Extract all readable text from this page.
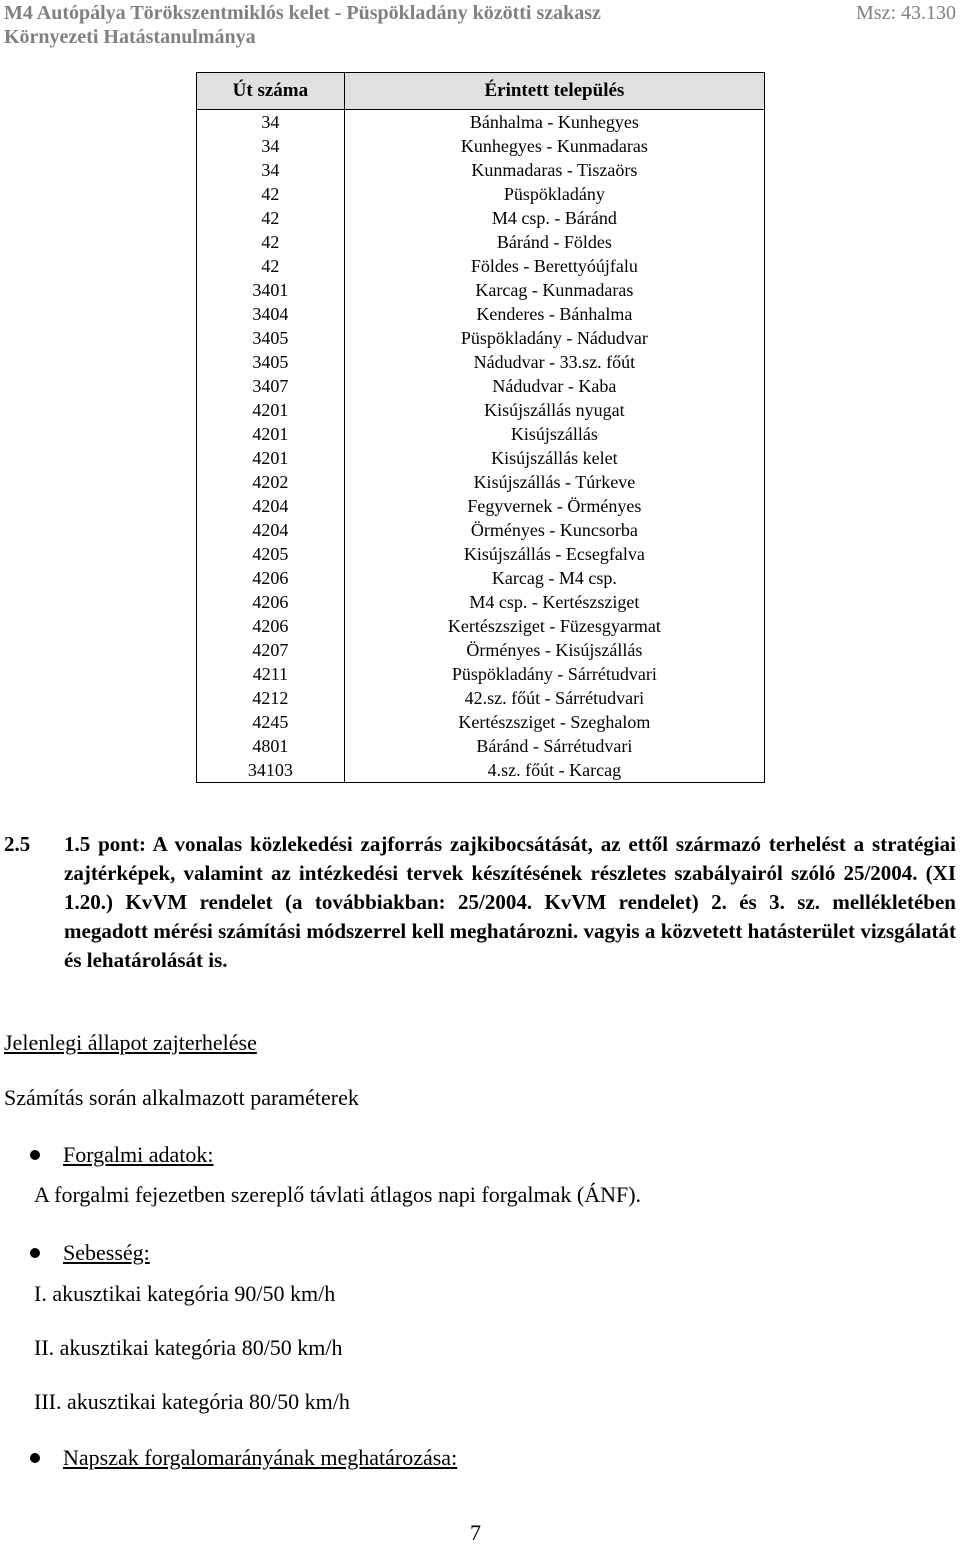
M4 Autópálya Törökszentmiklós kelet - Püspökladány közötti szakasz
Környezeti Hatástanulmánya
Msz: 43.130
Út száma	Érintett település
34	Bánhalma - Kunhegyes
34	Kunhegyes - Kunmadaras
34	Kunmadaras - Tiszaörs
42	Püspökladány
42	M4 csp. - Báránd
42	Báránd - Földes
42	Földes - Berettyóújfalu
3401	Karcag - Kunmadaras
3404	Kenderes - Bánhalma
3405	Püspökladány - Nádudvar
3405	Nádudvar - 33.sz. főút
3407	Nádudvar - Kaba
4201	Kisújszállás nyugat
4201	Kisújszállás
4201	Kisújszállás kelet
4202	Kisújszállás - Túrkeve
4204	Fegyvernek - Örményes
4204	Örményes - Kuncsorba
4205	Kisújszállás - Ecsegfalva
4206	Karcag - M4 csp.
4206	M4 csp. - Kertészsziget
4206	Kertészsziget - Füzesgyarmat
4207	Örményes - Kisújszállás
4211	Püspökladány - Sárrétudvari
4212	42.sz. főút - Sárrétudvari
4245	Kertészsziget - Szeghalom
4801	Báránd - Sárrétudvari
34103	4.sz. főút - Karcag
2.5 1.5 pont: A vonalas közlekedési zajforrás zajkibocsátását, az ettől származó terhelést a stratégiai zajtérképek, valamint az intézkedési tervek készítésének részletes szabályairól szóló 25/2004. (XI 1.20.) KvVM rendelet (a továbbiakban: 25/2004. KvVM rendelet) 2. és 3. sz. mellékletében megadott mérési számítási módszerrel kell meghatározni. vagyis a közvetett hatásterület vizsgálatát és lehatárolását is.
Jelenlegi állapot zajterhelése
Számítás során alkalmazott paraméterek
Forgalmi adatok:
A forgalmi fejezetben szereplő távlati átlagos napi forgalmak (ÁNF).
Sebesség:
I. akusztikai kategória 90/50 km/h
II. akusztikai kategória 80/50 km/h
III. akusztikai kategória 80/50 km/h
Napszak forgalomarányának meghatározása:
7
